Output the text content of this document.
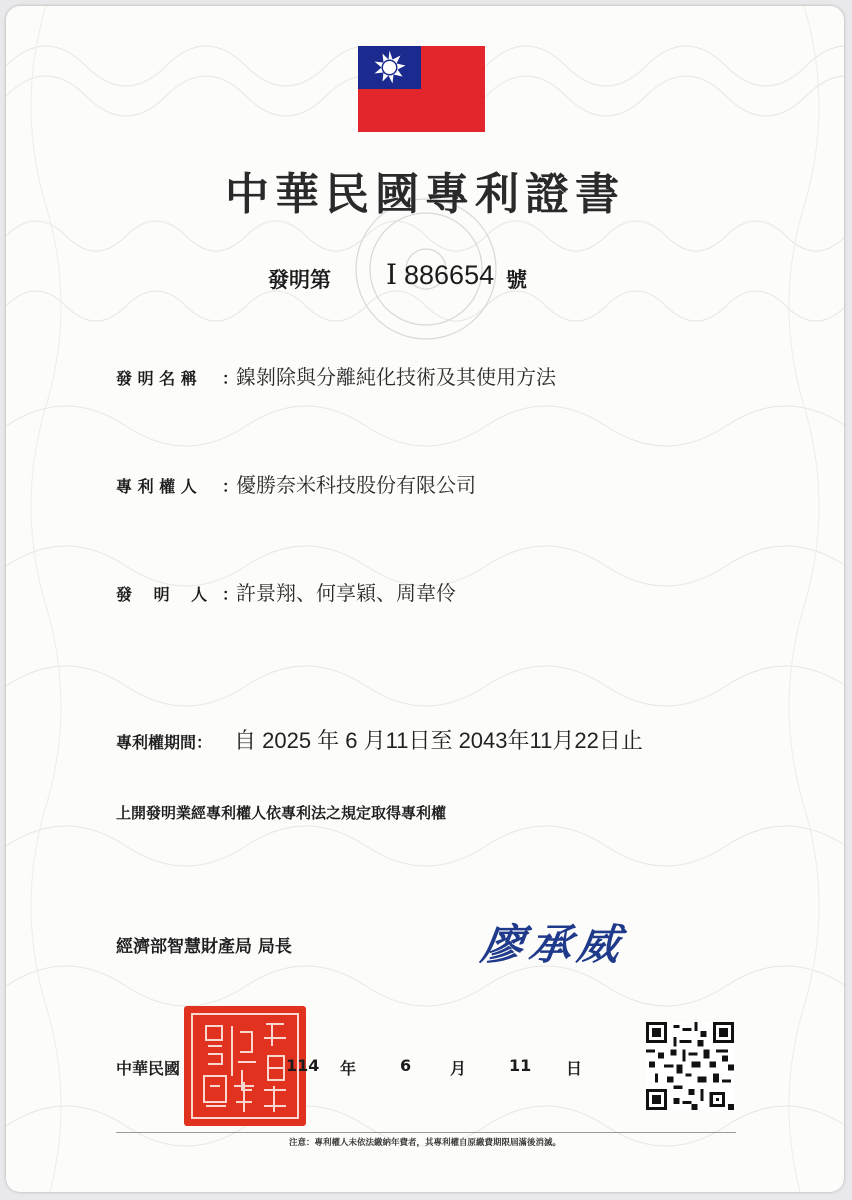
中華民國專利證書
發明第 I 886654 號
發 明 名 稱 ：
鎳剝除與分離純化技術及其使用方法
專 利 權 人 ：
優勝奈米科技股份有限公司
發　 明　 人 ：
許景翔、何享穎、周韋伶
專利權期間： 自 2025 年 6 月11日至 2043年11月22日止
上開發明業經專利權人依專利法之規定取得專利權
經濟部智慧財產局 局長	廖承威
中華民國	114 年	6 月	11 日
注意：專利權人未依法繳納年費者，其專利權自原繳費期限屆滿後消滅。
